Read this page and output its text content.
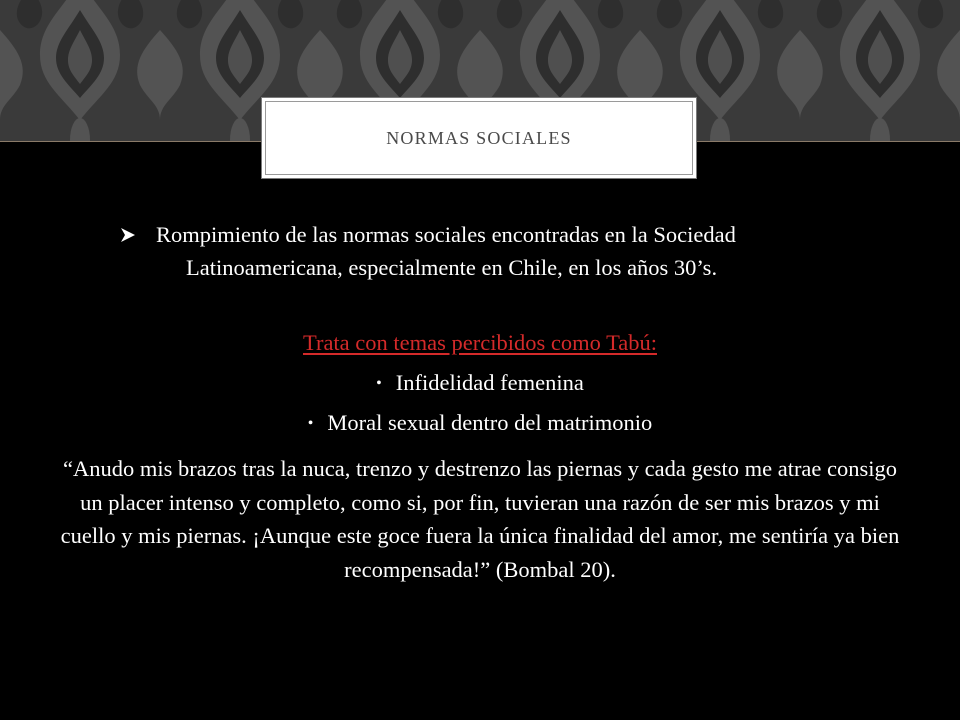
NORMAS SOCIALES
Rompimiento de las normas sociales encontradas en la Sociedad
Latinoamericana, especialmente en Chile, en los años 30’s.
Trata con temas percibidos como Tabú:
• Infidelidad femenina
• Moral sexual dentro del matrimonio
“Anudo mis brazos tras la nuca, trenzo y destrenzo las piernas y cada gesto me atrae consigo un placer intenso y completo, como si, por fin, tuvieran una razón de ser mis brazos y mi cuello y mis piernas. ¡Aunque este goce fuera la única finalidad del amor, me sentiría ya bien recompensada!” (Bombal 20).
